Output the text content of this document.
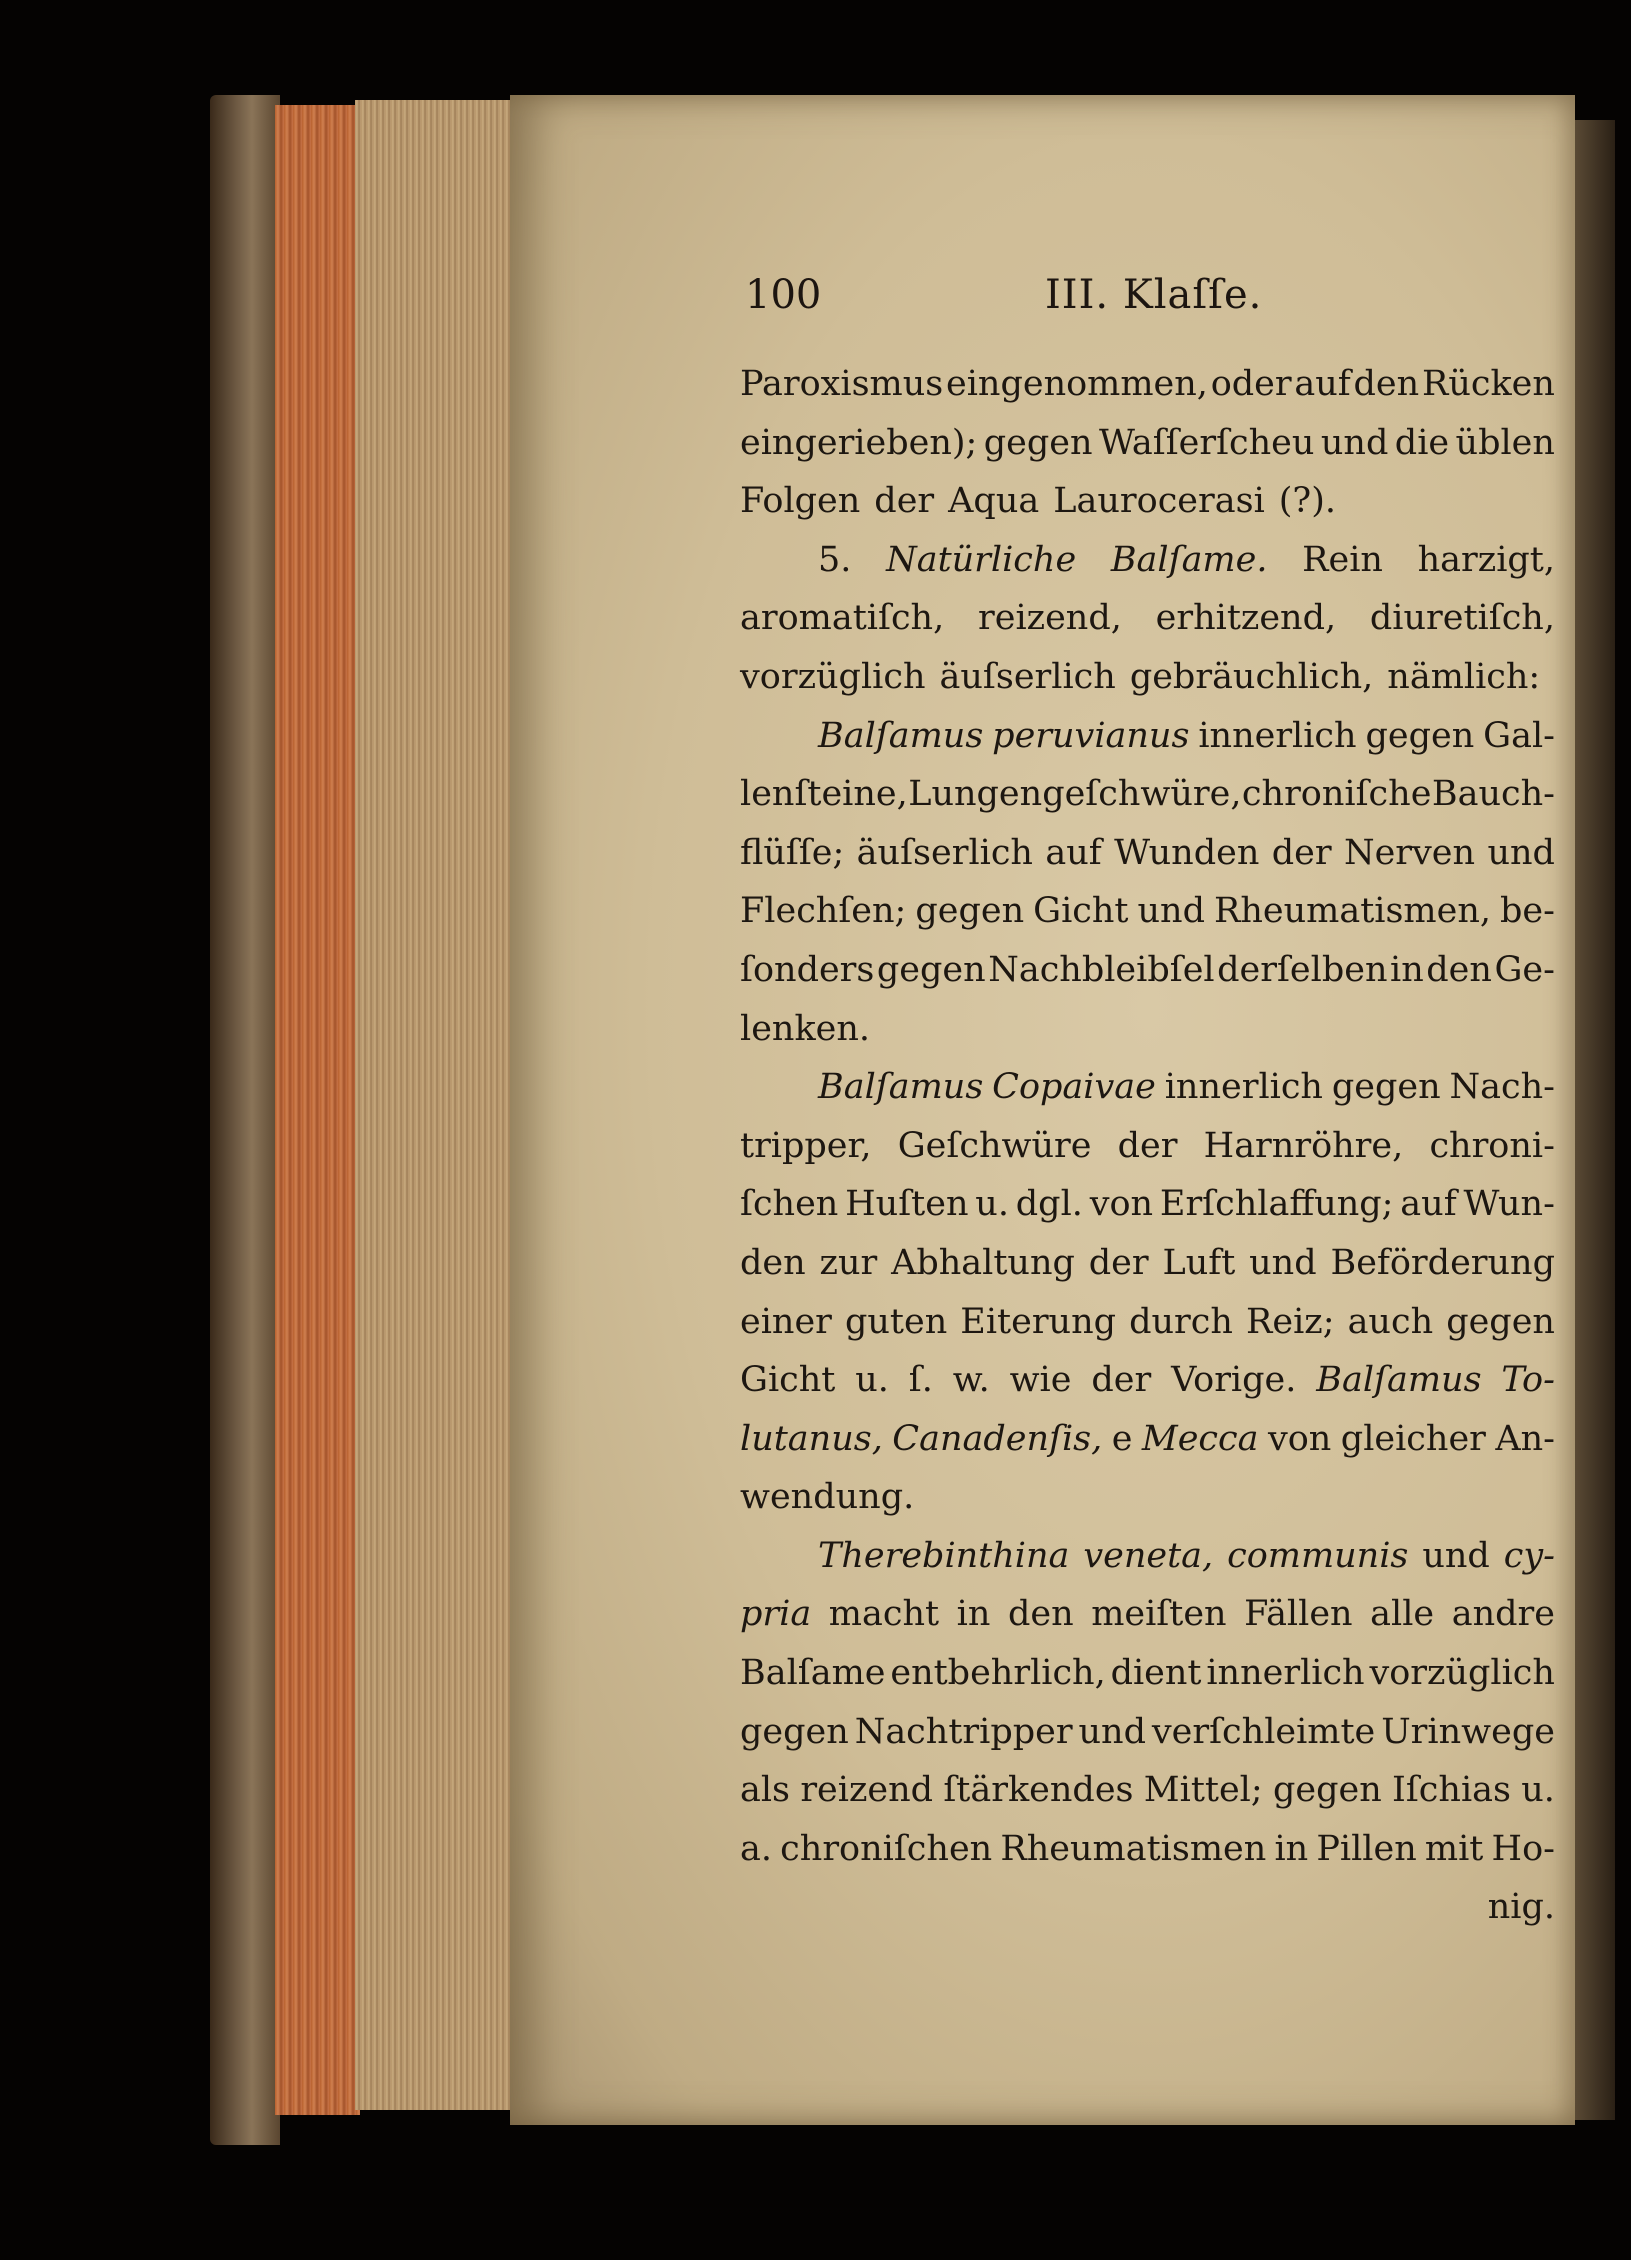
100	III. Klaſſe.
Paroxismus eingenommen, oder auf den Rücken
eingerieben); gegen Waſſerſcheu und die üblen
Folgen der Aqua Laurocerasi (?).
5. Natürliche Balſame. Rein harzigt,
aromatiſch, reizend, erhitzend, diuretiſch,
vorzüglich äuſserlich gebräuchlich, nämlich:
Balſamus peruvianus innerlich gegen Gal-
lenſteine, Lungengeſchwüre, chroniſche Bauch-
flüſſe; äuſserlich auf Wunden der Nerven und
Flechſen; gegen Gicht und Rheumatismen, be-
ſonders gegen Nachbleibſel derſelben in den Ge-
lenken.
Balſamus Copaivae innerlich gegen Nach-
tripper, Geſchwüre der Harnröhre, chroni-
ſchen Huſten u. dgl. von Erſchlaffung; auf Wun-
den zur Abhaltung der Luft und Beförderung
einer guten Eiterung durch Reiz; auch gegen
Gicht u. ſ. w. wie der Vorige. Balſamus To-
lutanus, Canadenſis, e Mecca von gleicher An-
wendung.
Therebinthina veneta, communis und cy-
pria macht in den meiſten Fällen alle andre
Balſame entbehrlich, dient innerlich vorzüglich
gegen Nachtripper und verſchleimte Urinwege
als reizend ſtärkendes Mittel; gegen Iſchias u.
a. chroniſchen Rheumatismen in Pillen mit Ho-
nig.
